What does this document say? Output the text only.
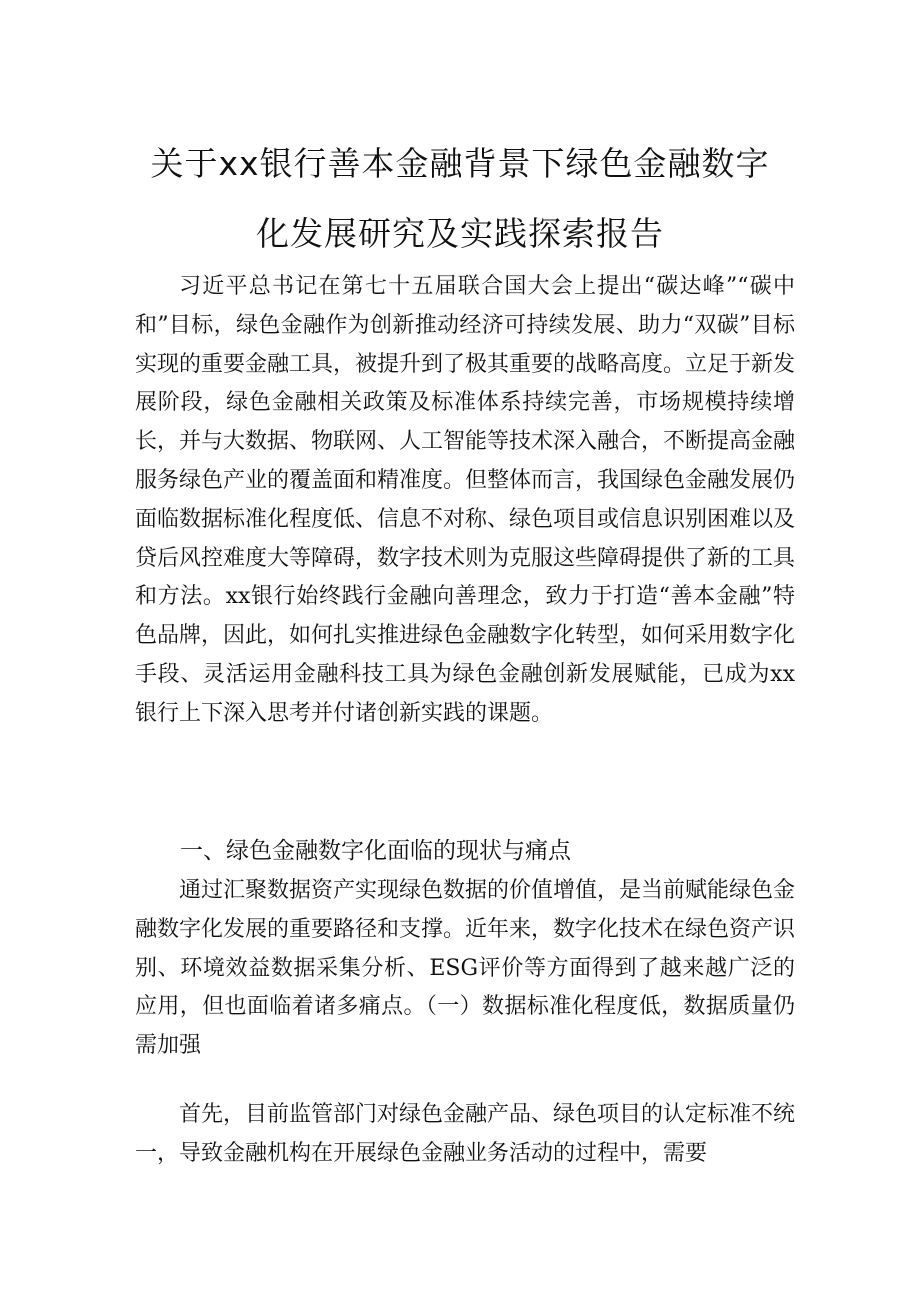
关于xx银行善本金融背景下绿色金融数字
化发展研究及实践探索报告

习近平总书记在第七十五届联合国大会上提出“碳达峰”“碳中和”目标，绿色金融作为创新推动经济可持续发展、助力“双碳”目标实现的重要金融工具，被提升到了极其重要的战略高度。立足于新发展阶段，绿色金融相关政策及标准体系持续完善，市场规模持续增长，并与大数据、物联网、人工智能等技术深入融合，不断提高金融服务绿色产业的覆盖面和精准度。但整体而言，我国绿色金融发展仍面临数据标准化程度低、信息不对称、绿色项目或信息识别困难以及贷后风控难度大等障碍，数字技术则为克服这些障碍提供了新的工具和方法。xx银行始终践行金融向善理念，致力于打造“善本金融”特色品牌，因此，如何扎实推进绿色金融数字化转型，如何采用数字化手段、灵活运用金融科技工具为绿色金融创新发展赋能，已成为xx银行上下深入思考并付诸创新实践的课题。

一、绿色金融数字化面临的现状与痛点

通过汇聚数据资产实现绿色数据的价值增值，是当前赋能绿色金融数字化发展的重要路径和支撑。近年来，数字化技术在绿色资产识别、环境效益数据采集分析、ESG评价等方面得到了越来越广泛的应用，但也面临着诸多痛点。（一）数据标准化程度低，数据质量仍需加强

首先，目前监管部门对绿色金融产品、绿色项目的认定标准不统一，导致金融机构在开展绿色金融业务活动的过程中，需要
